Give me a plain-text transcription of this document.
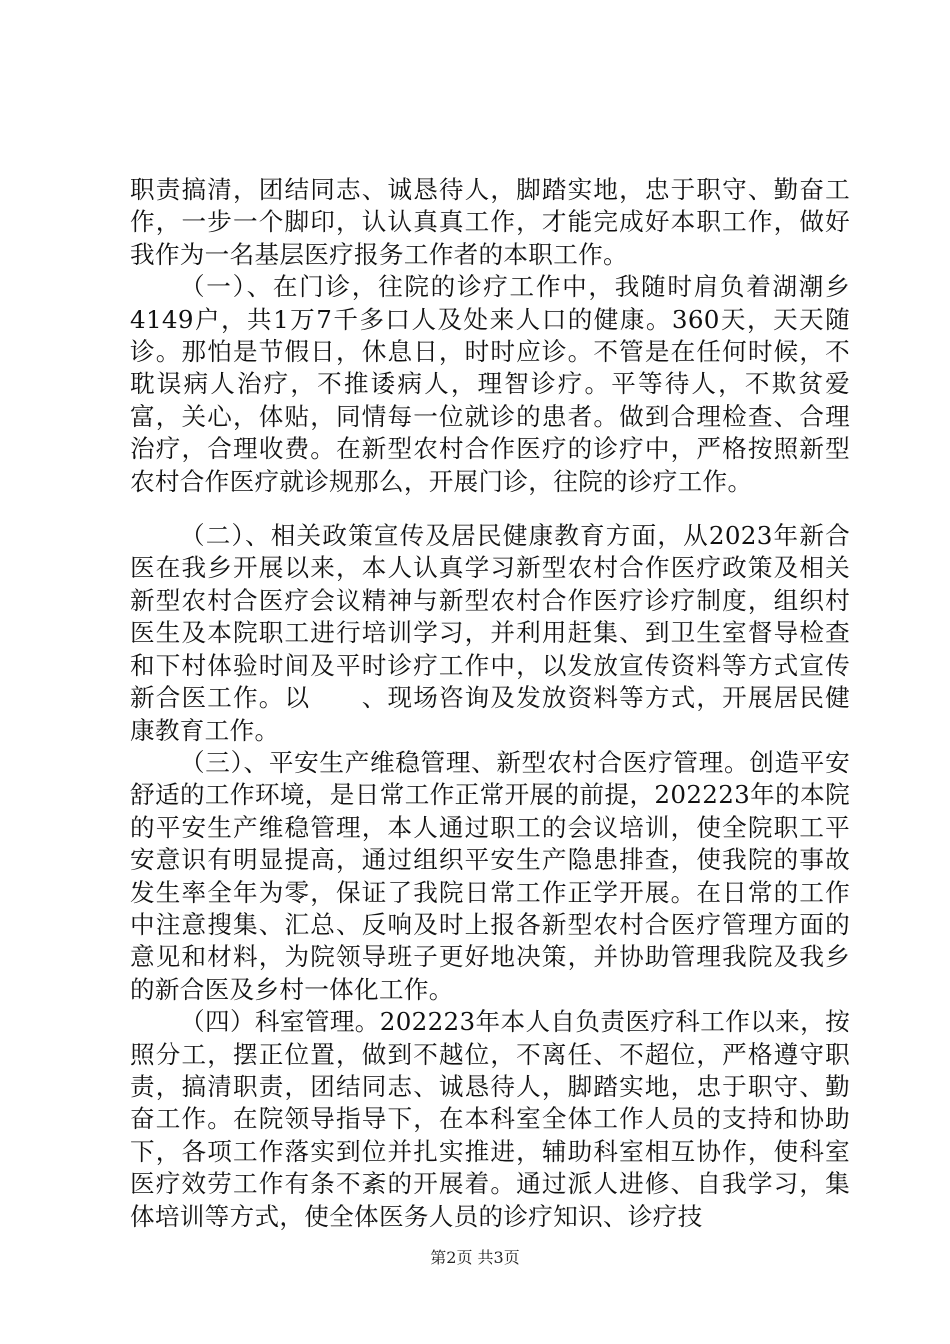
职责搞清，团结同志、诚恳待人，脚踏实地，忠于职守、勤奋工作，一步一个脚印，认认真真工作，才能完成好本职工作，做好我作为一名基层医疗报务工作者的本职工作。

（一）、在门诊，往院的诊疗工作中，我随时肩负着湖潮乡4149户，共1万7千多口人及处来人口的健康。360天，天天随诊。那怕是节假日，休息日，时时应诊。不管是在任何时候，不耽误病人治疗，不推诿病人，理智诊疗。平等待人，不欺贫爱富，关心，体贴，同情每一位就诊的患者。做到合理检查、合理治疗，合理收费。在新型农村合作医疗的诊疗中，严格按照新型农村合作医疗就诊规那么，开展门诊，往院的诊疗工作。

（二）、相关政策宣传及居民健康教育方面，从2023年新合医在我乡开展以来，本人认真学习新型农村合作医疗政策及相关新型农村合医疗会议精神与新型农村合作医疗诊疗制度，组织村医生及本院职工进行培训学习，并利用赶集、到卫生室督导检查和下村体验时间及平时诊疗工作中，以发放宣传资料等方式宣传新合医工作。以　　、现场咨询及发放资料等方式，开展居民健康教育工作。

（三）、平安生产维稳管理、新型农村合医疗管理。创造平安舒适的工作环境，是日常工作正常开展的前提，202223年的本院的平安生产维稳管理，本人通过职工的会议培训，使全院职工平安意识有明显提高，通过组织平安生产隐患排查，使我院的事故发生率全年为零，保证了我院日常工作正学开展。在日常的工作中注意搜集、汇总、反响及时上报各新型农村合医疗管理方面的意见和材料，为院领导班子更好地决策，并协助管理我院及我乡的新合医及乡村一体化工作。

（四）科室管理。202223年本人自负责医疗科工作以来，按照分工，摆正位置，做到不越位，不离任、不超位，严格遵守职责，搞清职责，团结同志、诚恳待人，脚踏实地，忠于职守、勤奋工作。在院领导指导下，在本科室全体工作人员的支持和协助下，各项工作落实到位并扎实推进，辅助科室相互协作，使科室医疗效劳工作有条不紊的开展着。通过派人进修、自我学习，集体培训等方式，使全体医务人员的诊疗知识、诊疗技

第2页 共3页
